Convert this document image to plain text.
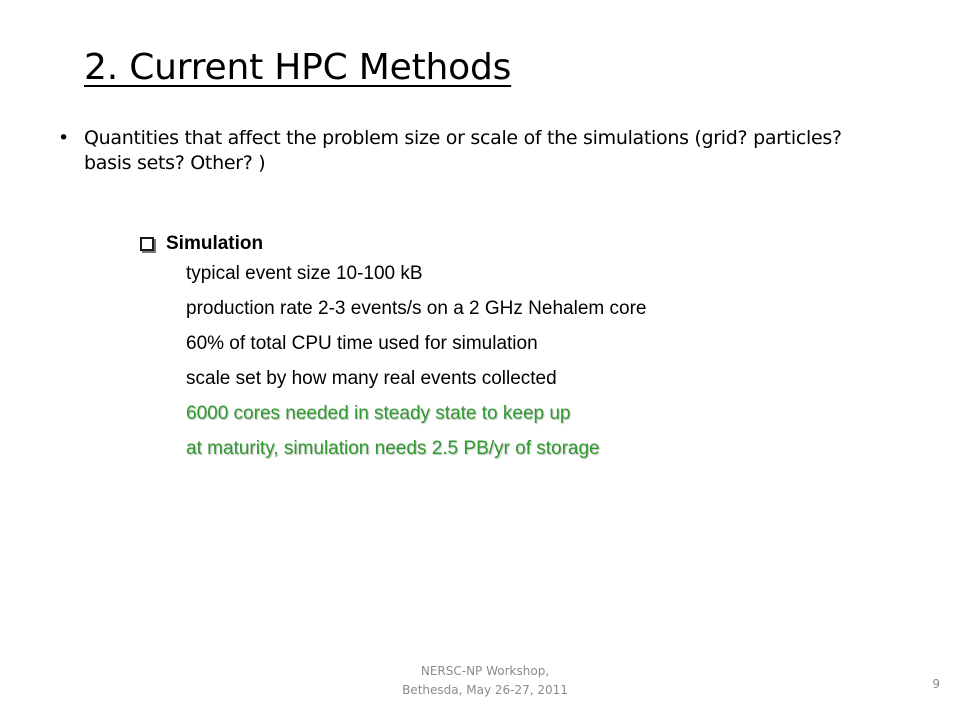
2. Current HPC Methods
• Quantities that affect the problem size or scale of the simulations (grid? particles? basis sets? Other? )
Simulation
typical event size 10-100 kB
production rate 2-3 events/s on a 2 GHz Nehalem core
60% of total CPU time used for simulation
scale set by how many real events collected
6000 cores needed in steady state to keep up
at maturity, simulation needs 2.5 PB/yr of storage
NERSC-NP Workshop,
Bethesda, May 26-27, 2011	9
